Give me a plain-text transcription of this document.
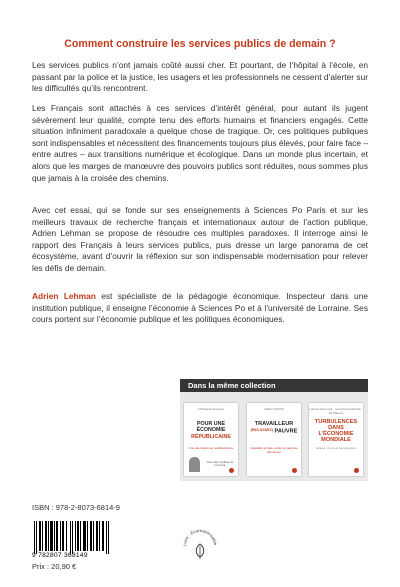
Comment construire les services publics de demain ?

Les services publics n’ont jamais coûté aussi cher. Et pourtant, de l’hôpital à l’école, en passant par la police et la justice, les usagers et les professionnels ne cessent d’alerter sur les difficultés qu’ils rencontrent.

Les Français sont attachés à ces services d’intérêt général, pour autant ils jugent sévèrement leur qualité, compte tenu des efforts humains et financiers engagés. Cette situation infiniment paradoxale a quelque chose de tragique. Or, ces politiques publiques sont indispensables et nécessitent des financements toujours plus élevés, pour faire face – entre autres – aux transitions numérique et écologique. Dans un monde plus incertain, et alors que les marges de manœuvre des pouvoirs publics sont réduites, nous sommes plus que jamais à la croisée des chemins.

Avec cet essai, qui se fonde sur ses enseignements à Sciences Po Paris et sur les meilleurs travaux de recherche français et internationaux autour de l’action publique, Adrien Lehman se propose de résoudre ces multiples paradoxes. Il interroge ainsi le rapport des Français à leurs services publics, puis dresse un large panorama de cet écosystème, avant d’ouvrir la réflexion sur son indispensable modernisation pour relever les défis de demain.

Adrien Lehman est spécialiste de la pédagogie économique. Inspecteur dans une institution publique, il enseigne l’économie à Sciences Po et à l’université de Lorraine. Ses cours portent sur l’économie publique et les politiques économiques.

Dans la même collection
Christophe Ramaux
POUR UNE ÉCONOMIE
RÉPUBLICAINE
Une alternative au néolibéralisme
Aider enfin la politique de l’économie
Gilbert CETTE
TRAVAILLEUR
$^{(PAS ASSEZ)}$ PAUVRE
Inégalités et lutte contre la pauvreté laborieuse
Ludovic Desmedt · Jean-Pascal Dérain · Ed Manent
TURBULENCES DANS L’ÉCONOMIE MONDIALE
Enjeux, chocs et perspectives
ISBN : 978-2-8073-6814-9
9 782807 368149
Prix : 20,90 €
Livre · Écoresponsable
